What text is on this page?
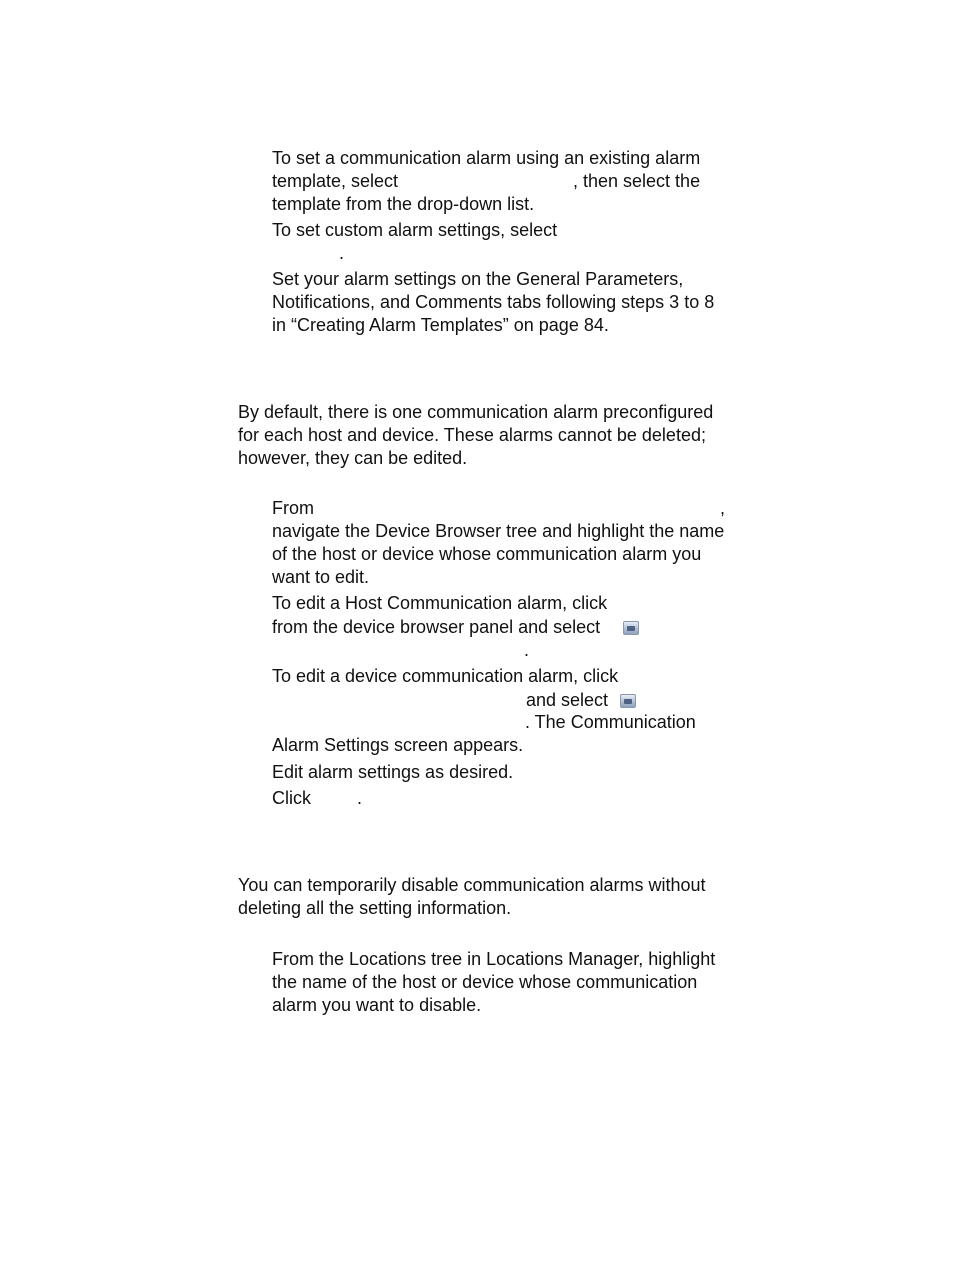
To set a communication alarm using an existing alarm
template, select	, then select the
template from the drop-down list.
To set custom alarm settings, select
.
Set your alarm settings on the General Parameters,
Notifications, and Comments tabs following steps 3 to 8
in “Creating Alarm Templates” on page 84.
By default, there is one communication alarm preconfigured
for each host and device. These alarms cannot be deleted;
however, they can be edited.
From	,
navigate the Device Browser tree and highlight the name
of the host or device whose communication alarm you
want to edit.
To edit a Host Communication alarm, click
from the device browser panel and select
.
To edit a device communication alarm, click
and select
. The Communication
Alarm Settings screen appears.
Edit alarm settings as desired.
Click	.
You can temporarily disable communication alarms without
deleting all the setting information.
From the Locations tree in Locations Manager, highlight
the name of the host or device whose communication
alarm you want to disable.
